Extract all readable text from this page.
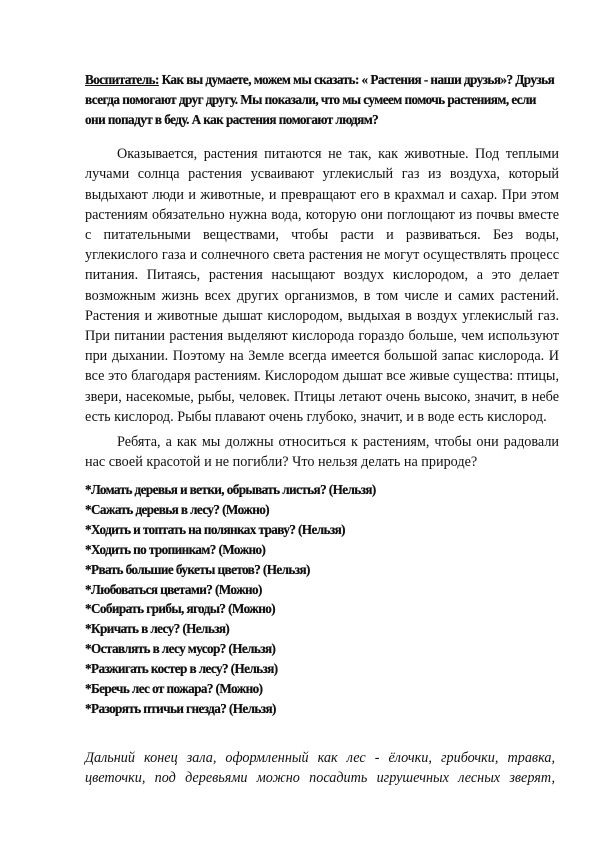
Воспитатель: Как вы думаете, можем мы сказать: « Растения - наши друзья»? Друзья всегда помогают друг другу. Мы показали, что мы сумеем помочь растениям, если они попадут в беду. А как растения помогают людям?

Оказывается, растения питаются не так, как животные. Под теплыми лучами солнца растения усваивают углекислый газ из воздуха, который выдыхают люди и животные, и превращают его в крахмал и сахар. При этом растениям обязательно нужна вода, которую они поглощают из почвы вместе с питательными веществами, чтобы расти и развиваться. Без воды, углекислого газа и солнечного света растения не могут осуществлять процесс питания. Питаясь, растения насыщают воздух кислородом, а это делает возможным жизнь всех других организмов, в том числе и самих растений. Растения и животные дышат кислородом, выдыхая в воздух углекислый газ. При питании растения выделяют кислорода гораздо больше, чем используют при дыхании. Поэтому на Земле всегда имеется большой запас кислорода. И все это благодаря растениям. Кислородом дышат все живые существа: птицы, звери, насекомые, рыбы, человек. Птицы летают очень высоко, значит, в небе есть кислород. Рыбы плавают очень глубоко, значит, и в воде есть кислород.

Ребята, а как мы должны относиться к растениям, чтобы они радовали нас своей красотой и не погибли? Что нельзя делать на природе?

*Ломать деревья и ветки, обрывать листья? (Нельзя)
*Сажать деревья в лесу? (Можно)
*Ходить и топтать на полянках траву? (Нельзя)
*Ходить по тропинкам? (Можно)
*Рвать большие букеты цветов? (Нельзя)
*Любоваться цветами? (Можно)
*Собирать грибы, ягоды? (Можно)
*Кричать в лесу? (Нельзя)
*Оставлять в лесу мусор? (Нельзя)
*Разжигать костер в лесу? (Нельзя)
*Беречь лес от пожара? (Можно)
*Разорять птичьи гнезда? (Нельзя)

Дальний конец зала, оформленный как лес - ёлочки, грибочки, травка, цветочки, под деревьями можно посадить игрушечных лесных зверят,
